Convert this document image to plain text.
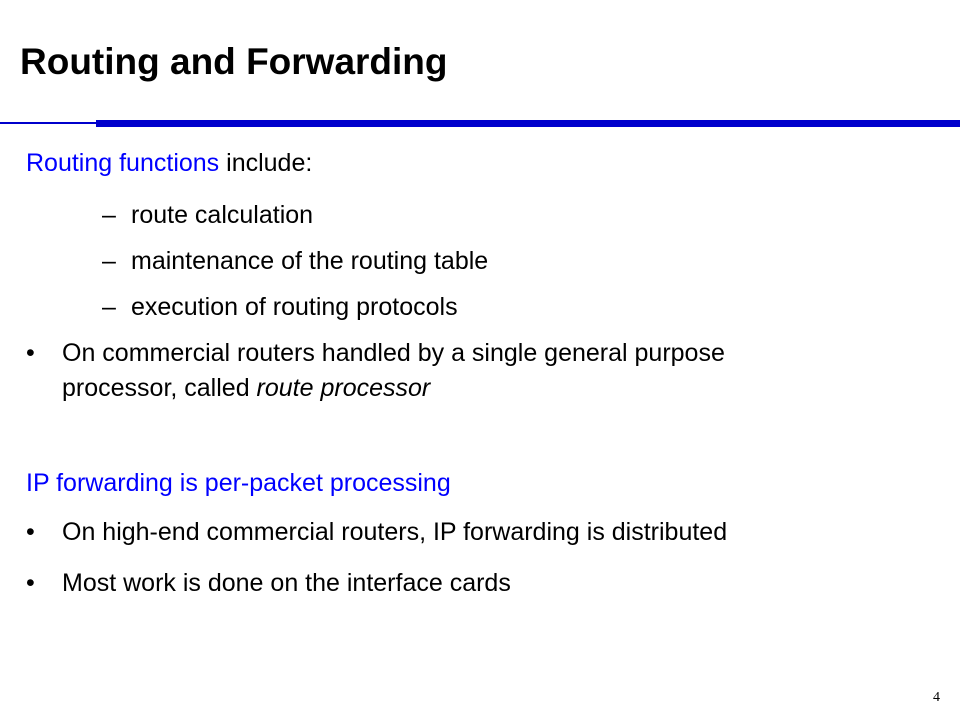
Routing and Forwarding
Routing functions include:
– route calculation
– maintenance of the routing table
– execution of routing protocols
• On commercial routers handled by a single general purpose
processor, called route processor
IP forwarding is per-packet processing
• On high-end commercial routers, IP forwarding is distributed
• Most work is done on the interface cards
4
